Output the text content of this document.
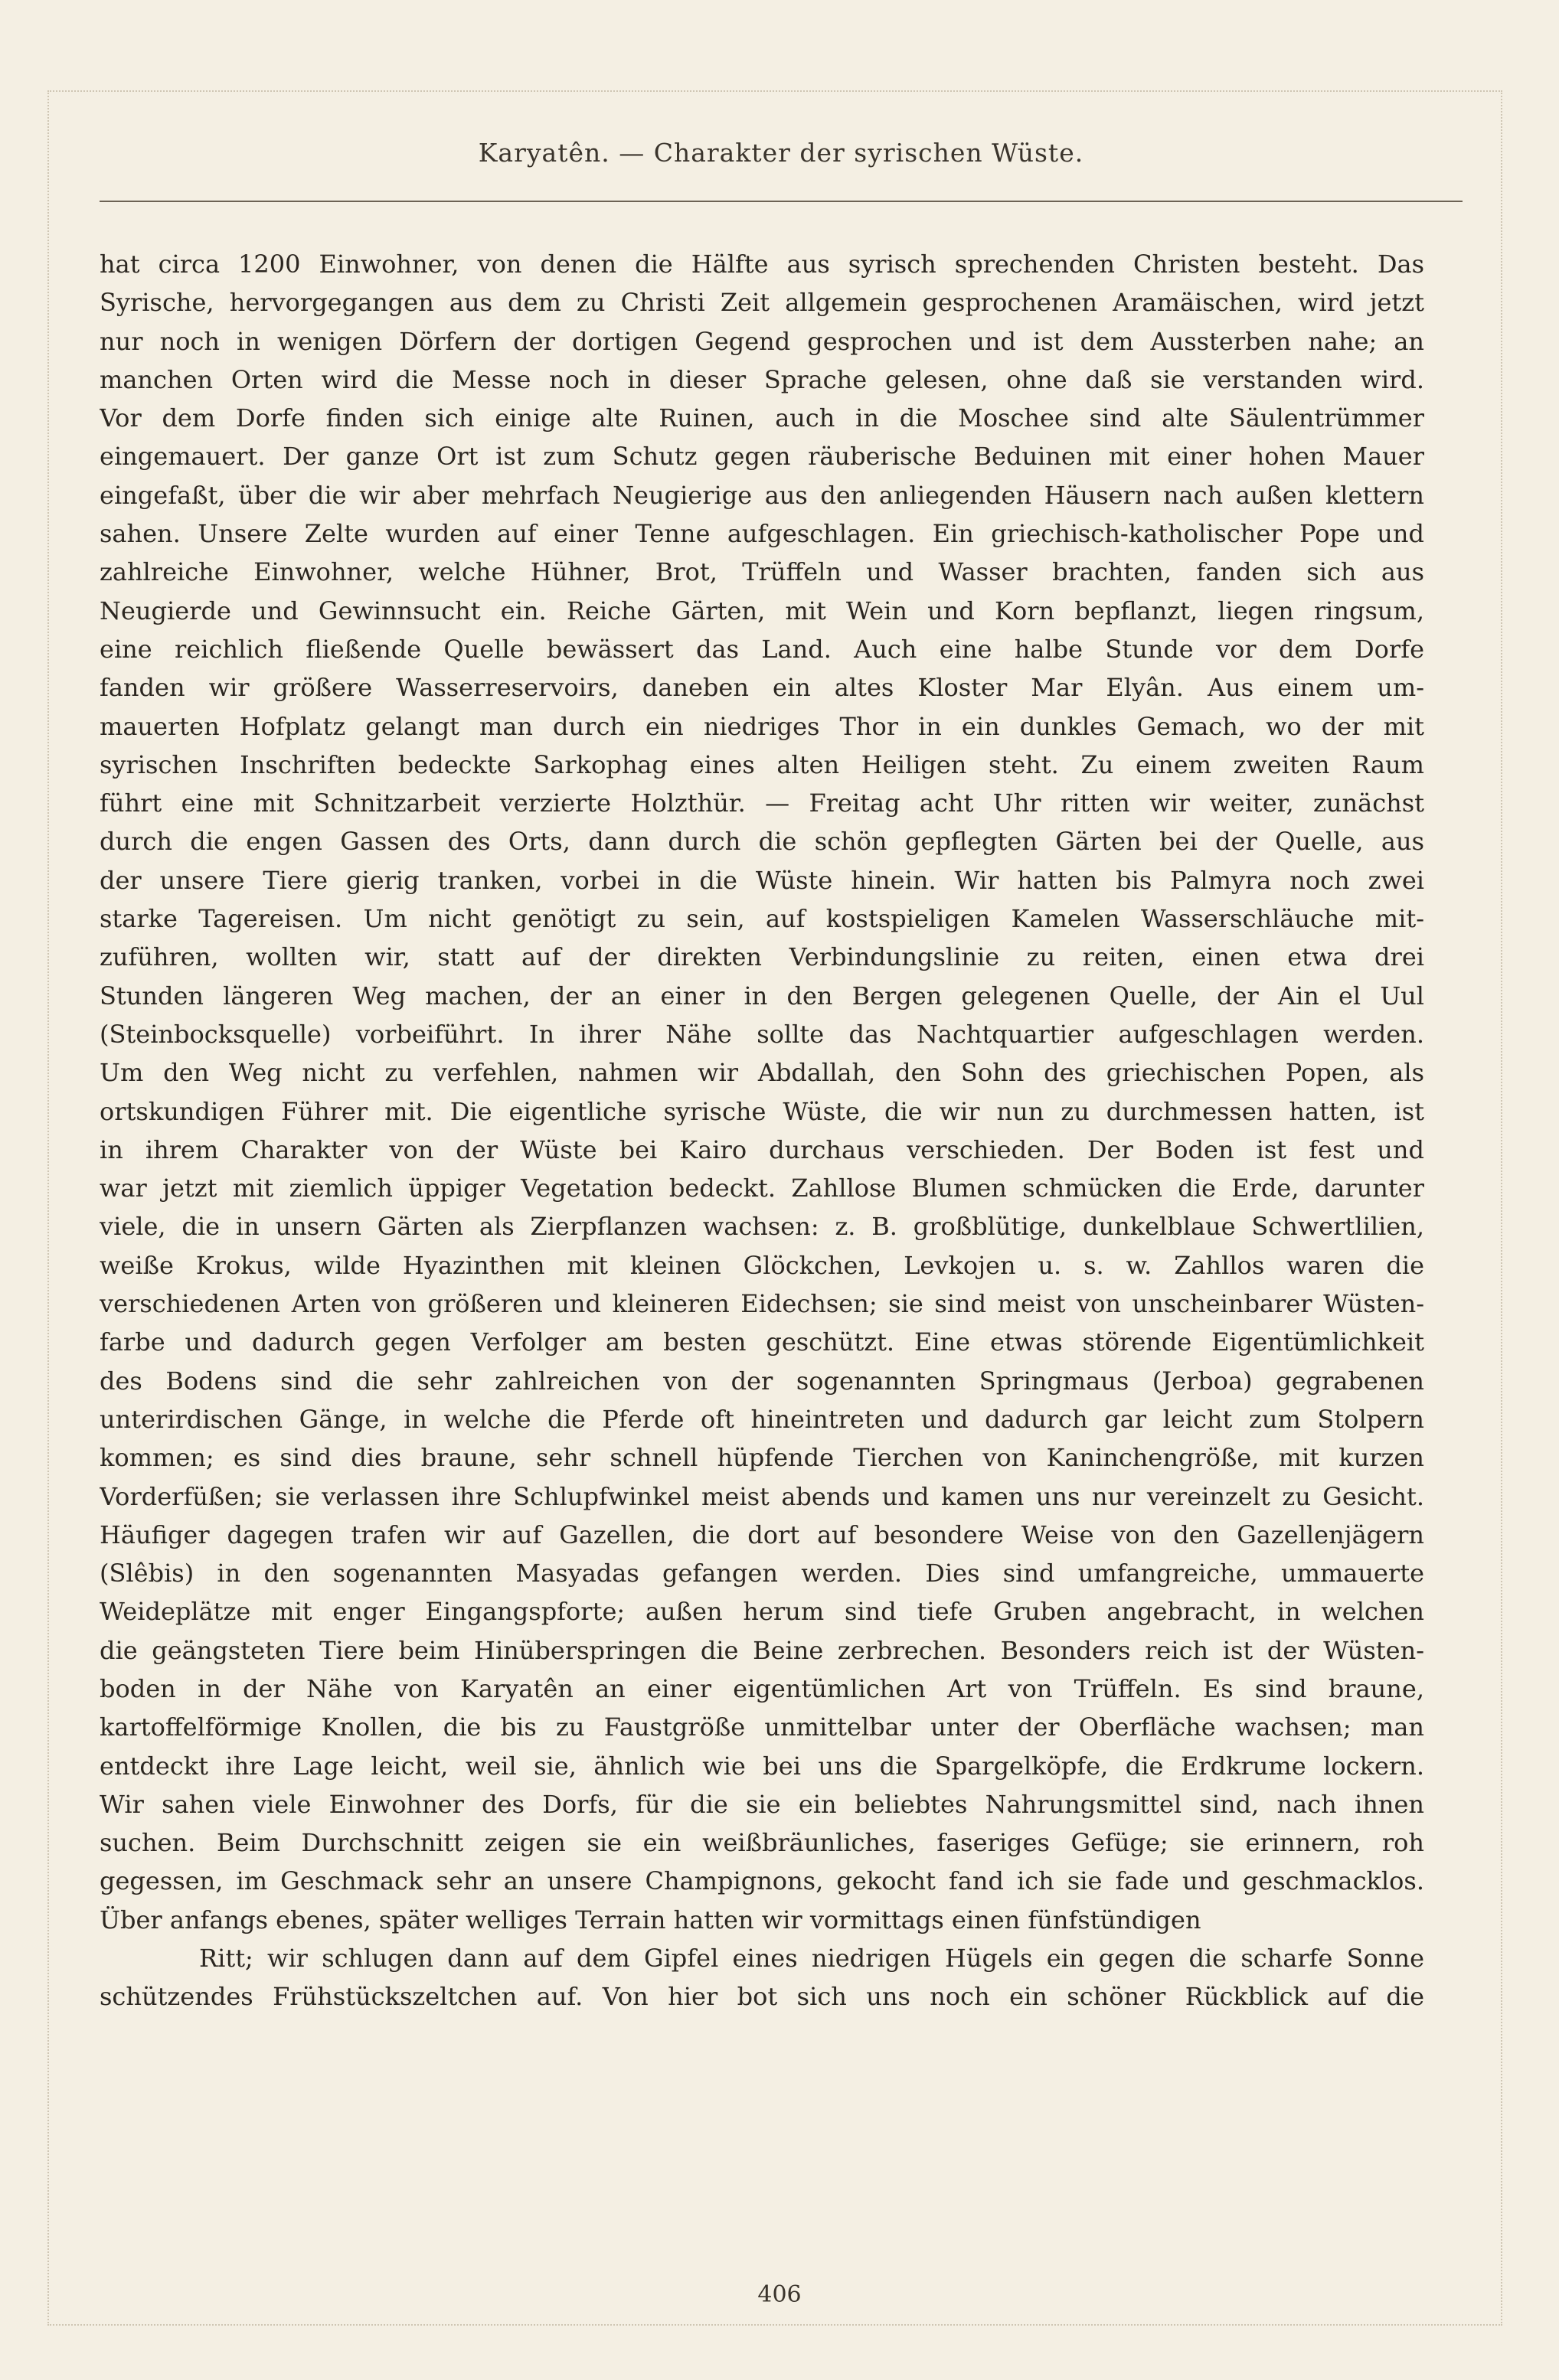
Karyatên. — Charakter der syrischen Wüste.
hat circa 1200 Einwohner, von denen die Hälfte aus syrisch sprechenden Christen besteht. Das
Syrische, hervorgegangen aus dem zu Christi Zeit allgemein gesprochenen Aramäischen, wird jetzt
nur noch in wenigen Dörfern der dortigen Gegend gesprochen und ist dem Aussterben nahe; an
manchen Orten wird die Messe noch in dieser Sprache gelesen, ohne daß sie verstanden wird.
Vor dem Dorfe finden sich einige alte Ruinen, auch in die Moschee sind alte Säulentrümmer
eingemauert. Der ganze Ort ist zum Schutz gegen räuberische Beduinen mit einer hohen Mauer
eingefaßt, über die wir aber mehrfach Neugierige aus den anliegenden Häusern nach außen klettern
sahen. Unsere Zelte wurden auf einer Tenne aufgeschlagen. Ein griechisch-katholischer Pope und
zahlreiche Einwohner, welche Hühner, Brot, Trüffeln und Wasser brachten, fanden sich aus
Neugierde und Gewinnsucht ein. Reiche Gärten, mit Wein und Korn bepflanzt, liegen ringsum,
eine reichlich fließende Quelle bewässert das Land. Auch eine halbe Stunde vor dem Dorfe
fanden wir größere Wasserreservoirs, daneben ein altes Kloster Mar Elyân. Aus einem um-
mauerten Hofplatz gelangt man durch ein niedriges Thor in ein dunkles Gemach, wo der mit
syrischen Inschriften bedeckte Sarkophag eines alten Heiligen steht. Zu einem zweiten Raum
führt eine mit Schnitzarbeit verzierte Holzthür. — Freitag acht Uhr ritten wir weiter, zunächst
durch die engen Gassen des Orts, dann durch die schön gepflegten Gärten bei der Quelle, aus
der unsere Tiere gierig tranken, vorbei in die Wüste hinein. Wir hatten bis Palmyra noch zwei
starke Tagereisen. Um nicht genötigt zu sein, auf kostspieligen Kamelen Wasserschläuche mit-
zuführen, wollten wir, statt auf der direkten Verbindungslinie zu reiten, einen etwa drei
Stunden längeren Weg machen, der an einer in den Bergen gelegenen Quelle, der Ain el Uul
(Steinbocksquelle) vorbeiführt. In ihrer Nähe sollte das Nachtquartier aufgeschlagen werden.
Um den Weg nicht zu verfehlen, nahmen wir Abdallah, den Sohn des griechischen Popen, als
ortskundigen Führer mit. Die eigentliche syrische Wüste, die wir nun zu durchmessen hatten, ist
in ihrem Charakter von der Wüste bei Kairo durchaus verschieden. Der Boden ist fest und
war jetzt mit ziemlich üppiger Vegetation bedeckt. Zahllose Blumen schmücken die Erde, darunter
viele, die in unsern Gärten als Zierpflanzen wachsen: z. B. großblütige, dunkelblaue Schwertlilien,
weiße Krokus, wilde Hyazinthen mit kleinen Glöckchen, Levkojen u. s. w. Zahllos waren die
verschiedenen Arten von größeren und kleineren Eidechsen; sie sind meist von unscheinbarer Wüsten-
farbe und dadurch gegen Verfolger am besten geschützt. Eine etwas störende Eigentümlichkeit
des Bodens sind die sehr zahlreichen von der sogenannten Springmaus (Jerboa) gegrabenen
unterirdischen Gänge, in welche die Pferde oft hineintreten und dadurch gar leicht zum Stolpern
kommen; es sind dies braune, sehr schnell hüpfende Tierchen von Kaninchengröße, mit kurzen
Vorderfüßen; sie verlassen ihre Schlupfwinkel meist abends und kamen uns nur vereinzelt zu Gesicht.
Häufiger dagegen trafen wir auf Gazellen, die dort auf besondere Weise von den Gazellenjägern
(Slêbis) in den sogenannten Masyadas gefangen werden. Dies sind umfangreiche, ummauerte
Weideplätze mit enger Eingangspforte; außen herum sind tiefe Gruben angebracht, in welchen
die geängsteten Tiere beim Hinüberspringen die Beine zerbrechen. Besonders reich ist der Wüsten-
boden in der Nähe von Karyatên an einer eigentümlichen Art von Trüffeln. Es sind braune,
kartoffelförmige Knollen, die bis zu Faustgröße unmittelbar unter der Oberfläche wachsen; man
entdeckt ihre Lage leicht, weil sie, ähnlich wie bei uns die Spargelköpfe, die Erdkrume lockern.
Wir sahen viele Einwohner des Dorfs, für die sie ein beliebtes Nahrungsmittel sind, nach ihnen
suchen. Beim Durchschnitt zeigen sie ein weißbräunliches, faseriges Gefüge; sie erinnern, roh
gegessen, im Geschmack sehr an unsere Champignons, gekocht fand ich sie fade und geschmacklos.
Über anfangs ebenes, später welliges Terrain hatten wir vormittags einen fünfstündigen
Ritt; wir schlugen dann auf dem Gipfel eines niedrigen Hügels ein gegen die scharfe Sonne
schützendes Frühstückszeltchen auf. Von hier bot sich uns noch ein schöner Rückblick auf die
406
